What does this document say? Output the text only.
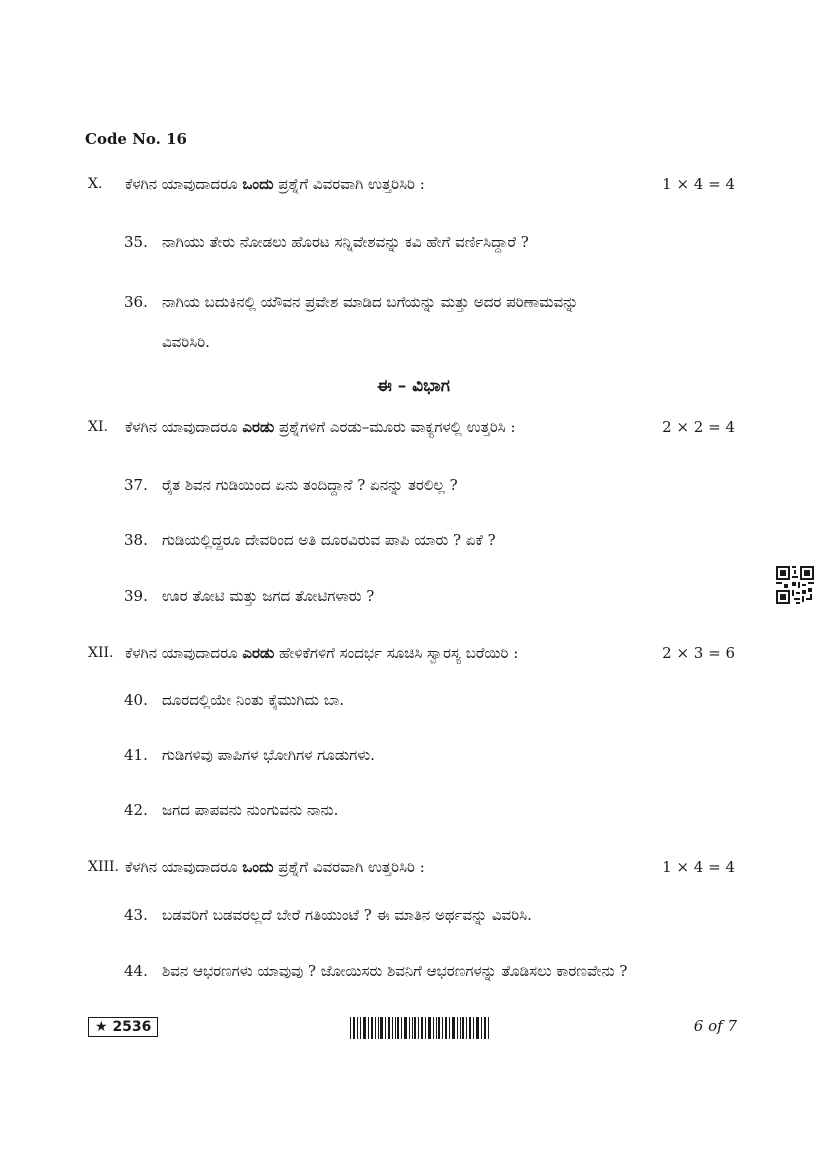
Code No. 16
X. ಕೆಳಗಿನ ಯಾವುದಾದರೂ ಒಂದು ಪ್ರಶ್ನೆಗೆ ವಿವರವಾಗಿ ಉತ್ತರಿಸಿರಿ :	1 × 4 = 4
35. ನಾಗಿಯು ತೇರು ನೋಡಲು ಹೊರಟ ಸನ್ನಿವೇಶವನ್ನು ಕವಿ ಹೇಗೆ ವರ್ಣಿಸಿದ್ದಾರೆ ?
36. ನಾಗಿಯ ಬದುಕಿನಲ್ಲಿ ಯೌವನ ಪ್ರವೇಶ ಮಾಡಿದ ಬಗೆಯನ್ನು ಮತ್ತು ಅದರ ಪರಿಣಾಮವನ್ನು
ವಿವರಿಸಿರಿ.
ಈ – ವಿಭಾಗ
XI. ಕೆಳಗಿನ ಯಾವುದಾದರೂ ಎರಡು ಪ್ರಶ್ನೆಗಳಿಗೆ ಎರಡು–ಮೂರು ವಾಕ್ಯಗಳಲ್ಲಿ ಉತ್ತರಿಸಿ :	2 × 2 = 4
37. ರೈತ ಶಿವನ ಗುಡಿಯಿಂದ ಏನು ತಂದಿದ್ದಾನೆ ? ಏನನ್ನು ತರಲಿಲ್ಲ ?
38. ಗುಡಿಯಲ್ಲಿದ್ದರೂ ದೇವರಿಂದ ಅತಿ ದೂರವಿರುವ ಪಾಪಿ ಯಾರು ? ಏಕೆ ?
39. ಊರ ತೋಟಿ ಮತ್ತು ಜಗದ ತೋಟಿಗಳಾರು ?
XII. ಕೆಳಗಿನ ಯಾವುದಾದರೂ ಎರಡು ಹೇಳಿಕೆಗಳಿಗೆ ಸಂದರ್ಭ ಸೂಚಿಸಿ ಸ್ವಾರಸ್ಯ ಬರೆಯಿರಿ :	2 × 3 = 6
40. ದೂರದಲ್ಲಿಯೇ ನಿಂತು ಕೈಮುಗಿದು ಬಾ.
41. ಗುಡಿಗಳಿವು ಪಾಪಿಗಳ ಭೋಗಿಗಳ ಗೂಡುಗಳು.
42. ಜಗದ ಪಾಪವನು ನುಂಗುವನು ನಾನು.
XIII. ಕೆಳಗಿನ ಯಾವುದಾದರೂ ಒಂದು ಪ್ರಶ್ನೆಗೆ ವಿವರವಾಗಿ ಉತ್ತರಿಸಿರಿ :	1 × 4 = 4
43. ಬಡವರಿಗೆ ಬಡವರಲ್ಲದೆ ಬೇರೆ ಗತಿಯುಂಟೆ ? ಈ ಮಾತಿನ ಅರ್ಥವನ್ನು ವಿವರಿಸಿ.
44. ಶಿವನ ಆಭರಣಗಳು ಯಾವುವು ? ಜೋಯಿಸರು ಶಿವನಿಗೆ ಆಭರಣಗಳನ್ನು ತೊಡಿಸಲು ಕಾರಣವೇನು ?
★ 2536	6 of 7
